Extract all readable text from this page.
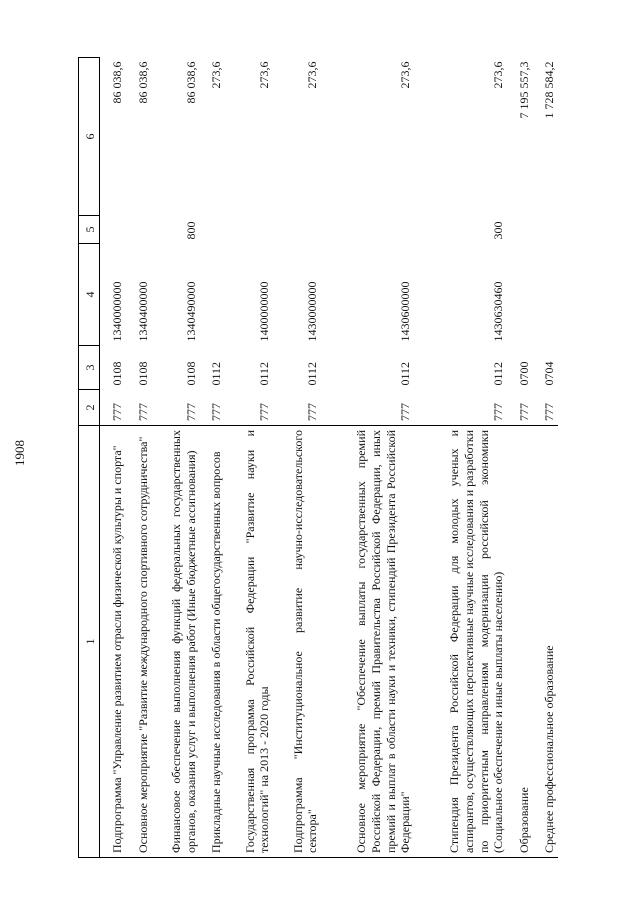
1908
1	2	3	4	5	6
Подпрограмма "Управление развитием отрасли физической культуры и спорта"	777	0108	1340000000		86 038,6
Основное мероприятие "Развитие международного спортивного сотрудничества"	777	0108	1340400000		86 038,6
Финансовое обеспечение выполнения функций федеральных государственных органов, оказания услуг и выполнения работ (Иные бюджетные ассигнования)	777	0108	1340490000	800	86 038,6
Прикладные научные исследования в области общегосударственных вопросов	777	0112			273,6
Государственная программа Российской Федерации "Развитие науки и технологий" на 2013 - 2020 годы	777	0112	1400000000		273,6
Подпрограмма "Институциональное развитие научно-исследовательского сектора"	777	0112	1430000000		273,6
Основное мероприятие "Обеспечение выплаты государственных премий Российской Федерации, премий Правительства Российской Федерации, иных премий и выплат в области науки и техники, стипендий Президента Российской Федерации"	777	0112	1430600000		273,6
Стипендия Президента Российской Федерации для молодых ученых и аспирантов, осуществляющих перспективные научные исследования и разработки по приоритетным направлениям модернизации российской экономики (Социальное обеспечение и иные выплаты населению)	777	0112	1430630460	300	273,6
Образование	777	0700			7 195 557,3
Среднее профессиональное образование	777	0704			1 728 584,2
